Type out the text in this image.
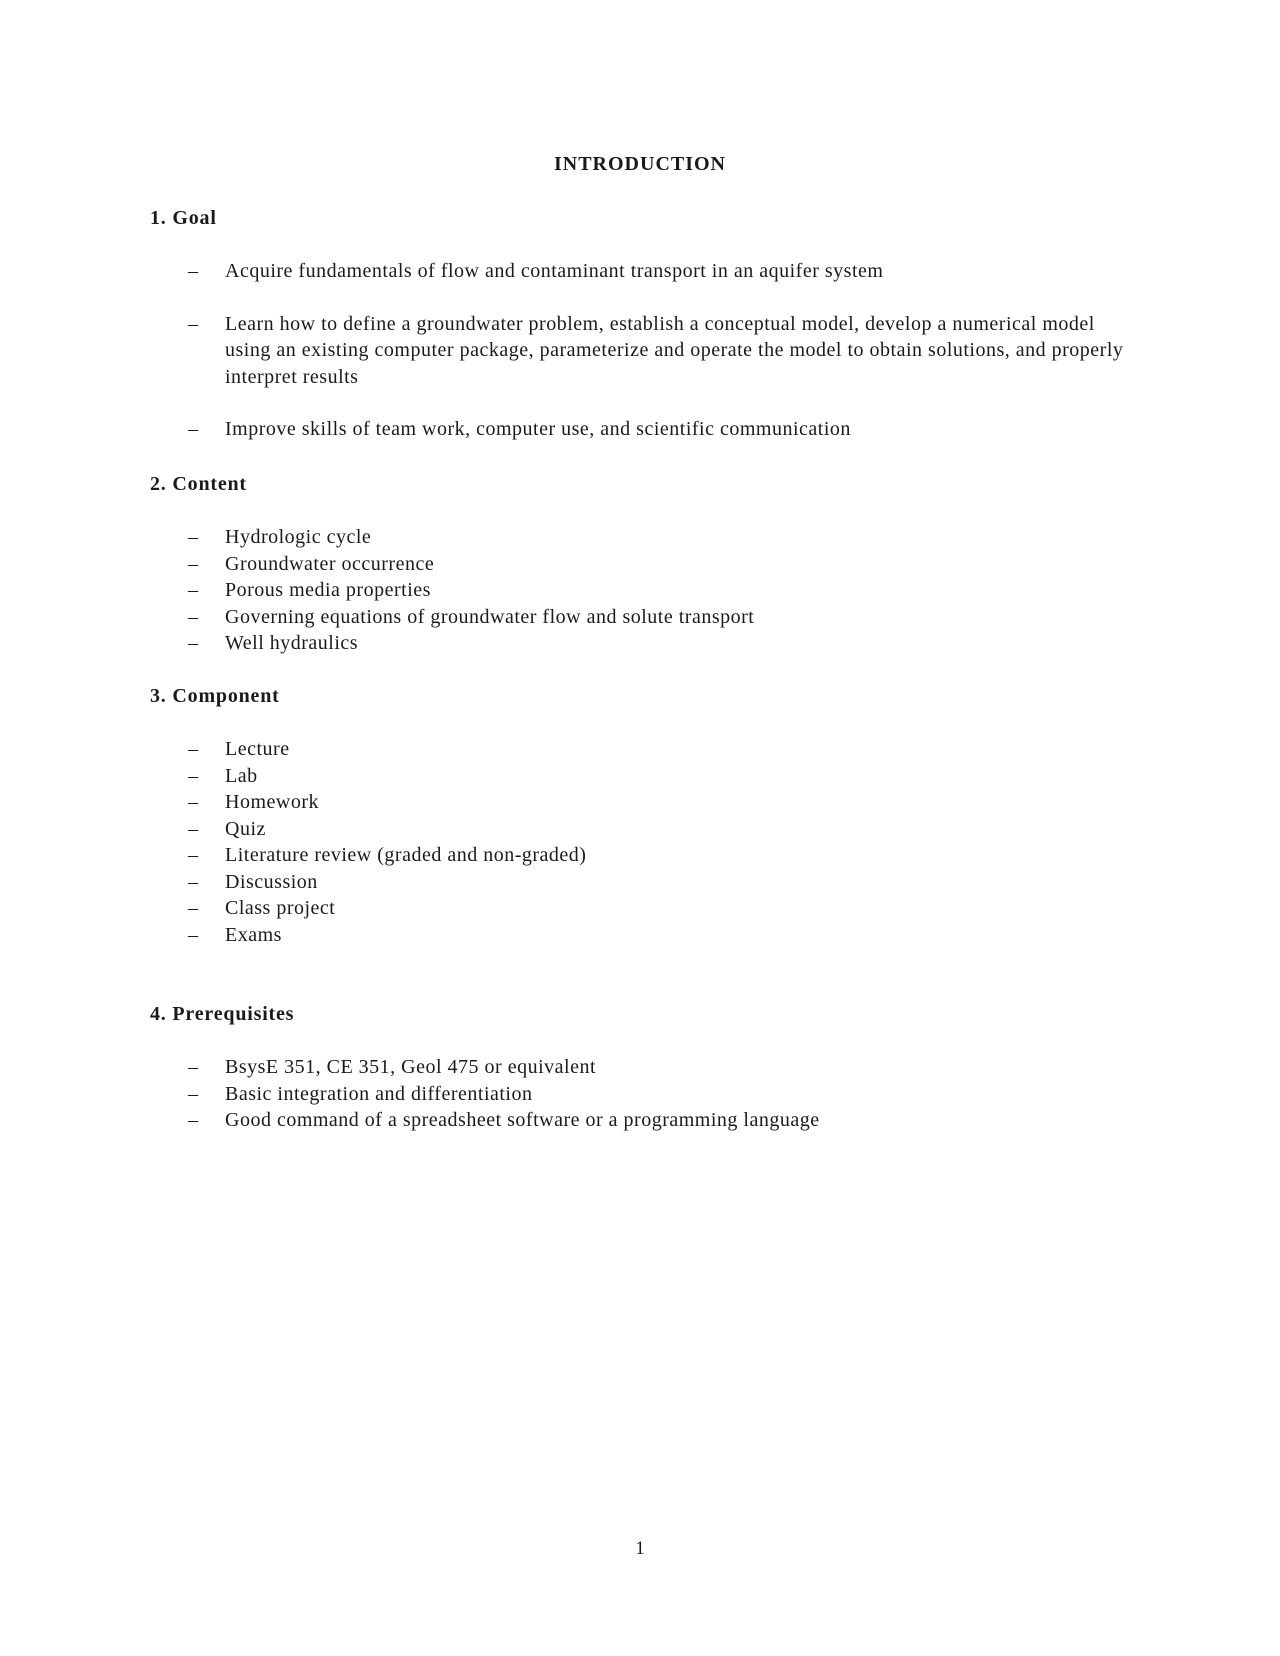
INTRODUCTION
1. Goal
– Acquire fundamentals of flow and contaminant transport in an aquifer system
– Learn how to define a groundwater problem, establish a conceptual model, develop a numerical model using an existing computer package, parameterize and operate the model to obtain solutions, and properly interpret results
– Improve skills of team work, computer use, and scientific communication
2. Content
– Hydrologic cycle
– Groundwater occurrence
– Porous media properties
– Governing equations of groundwater flow and solute transport
– Well hydraulics
3. Component
– Lecture
– Lab
– Homework
– Quiz
– Literature review (graded and non-graded)
– Discussion
– Class project
– Exams
4. Prerequisites
– BsysE 351, CE 351, Geol 475 or equivalent
– Basic integration and differentiation
– Good command of a spreadsheet software or a programming language
1
